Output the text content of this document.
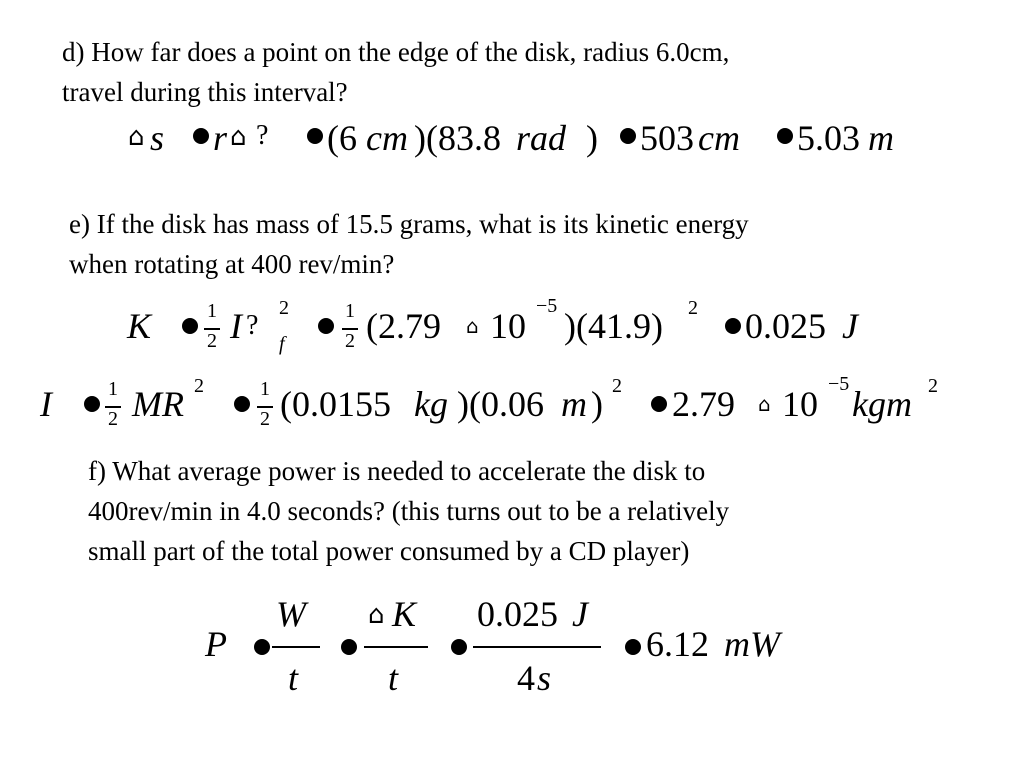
d) How far does a point on the edge of the disk, radius 6.0cm,
travel during this interval?
⌂ s r ⌂ ? (6 cm )(83.8 rad ) 503 cm 5.03 m
e) If the disk has mass of 15.5 grams, what is its kinetic energy
when rotating at 400 rev/min?
K	1
2 I ?
2
f
1
2 (2.79 ⌂ 10 −5 )(41.9) 2 0.025 J
I	1
2 MR 2	1
2 (0.0155 kg )(0.06 m ) 2 2.79 ⌂ 10 −5 kgm 2
f) What average power is needed to accelerate the disk to
400rev/min in 4.0 seconds? (this turns out to be a relatively
small part of the total power consumed by a CD player)
P
W
t
⌂ K
t
0.025 J
4 s
6.12 mW
